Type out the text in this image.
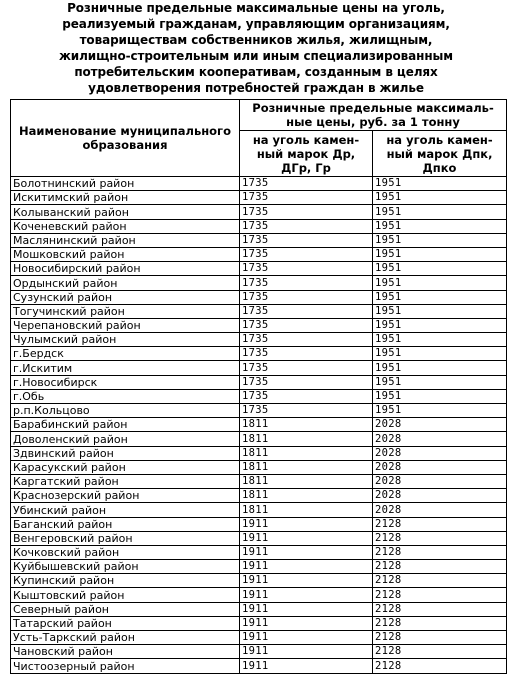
Розничные предельные максимальные цены на уголь,
реализуемый гражданам, управляющим организациям,
товариществам собственников жилья, жилищным,
жилищно-строительным или иным специализированным
потребительским кооперативам, созданным в целях
удовлетворения потребностей граждан в жилье
Наименование муниципального образования	Розничные предельные максималь-ные цены, руб. за 1 тонну	
	на уголь камен-ный марок Др, ДГр, Гр	на уголь камен-ный марок Дпк, Дпко
Болотнинский район	1735	1951
Искитимский район	1735	1951
Колыванский район	1735	1951
Коченевский район	1735	1951
Маслянинский район	1735	1951
Мошковский район	1735	1951
Новосибирский район	1735	1951
Ордынский район	1735	1951
Сузунский район	1735	1951
Тогучинский район	1735	1951
Черепановский район	1735	1951
Чулымский район	1735	1951
г.Бердск	1735	1951
г.Искитим	1735	1951
г.Новосибирск	1735	1951
г.Обь	1735	1951
р.п.Кольцово	1735	1951
Барабинский район	1811	2028
Доволенский район	1811	2028
Здвинский район	1811	2028
Карасукский район	1811	2028
Каргатский район	1811	2028
Краснозерский район	1811	2028
Убинский район	1811	2028
Баганский район	1911	2128
Венгеровский район	1911	2128
Кочковский район	1911	2128
Куйбышевский район	1911	2128
Купинский район	1911	2128
Кыштовский район	1911	2128
Северный район	1911	2128
Татарский район	1911	2128
Усть-Таркский район	1911	2128
Чановский район	1911	2128
Чистоозерный район	1911	2128
